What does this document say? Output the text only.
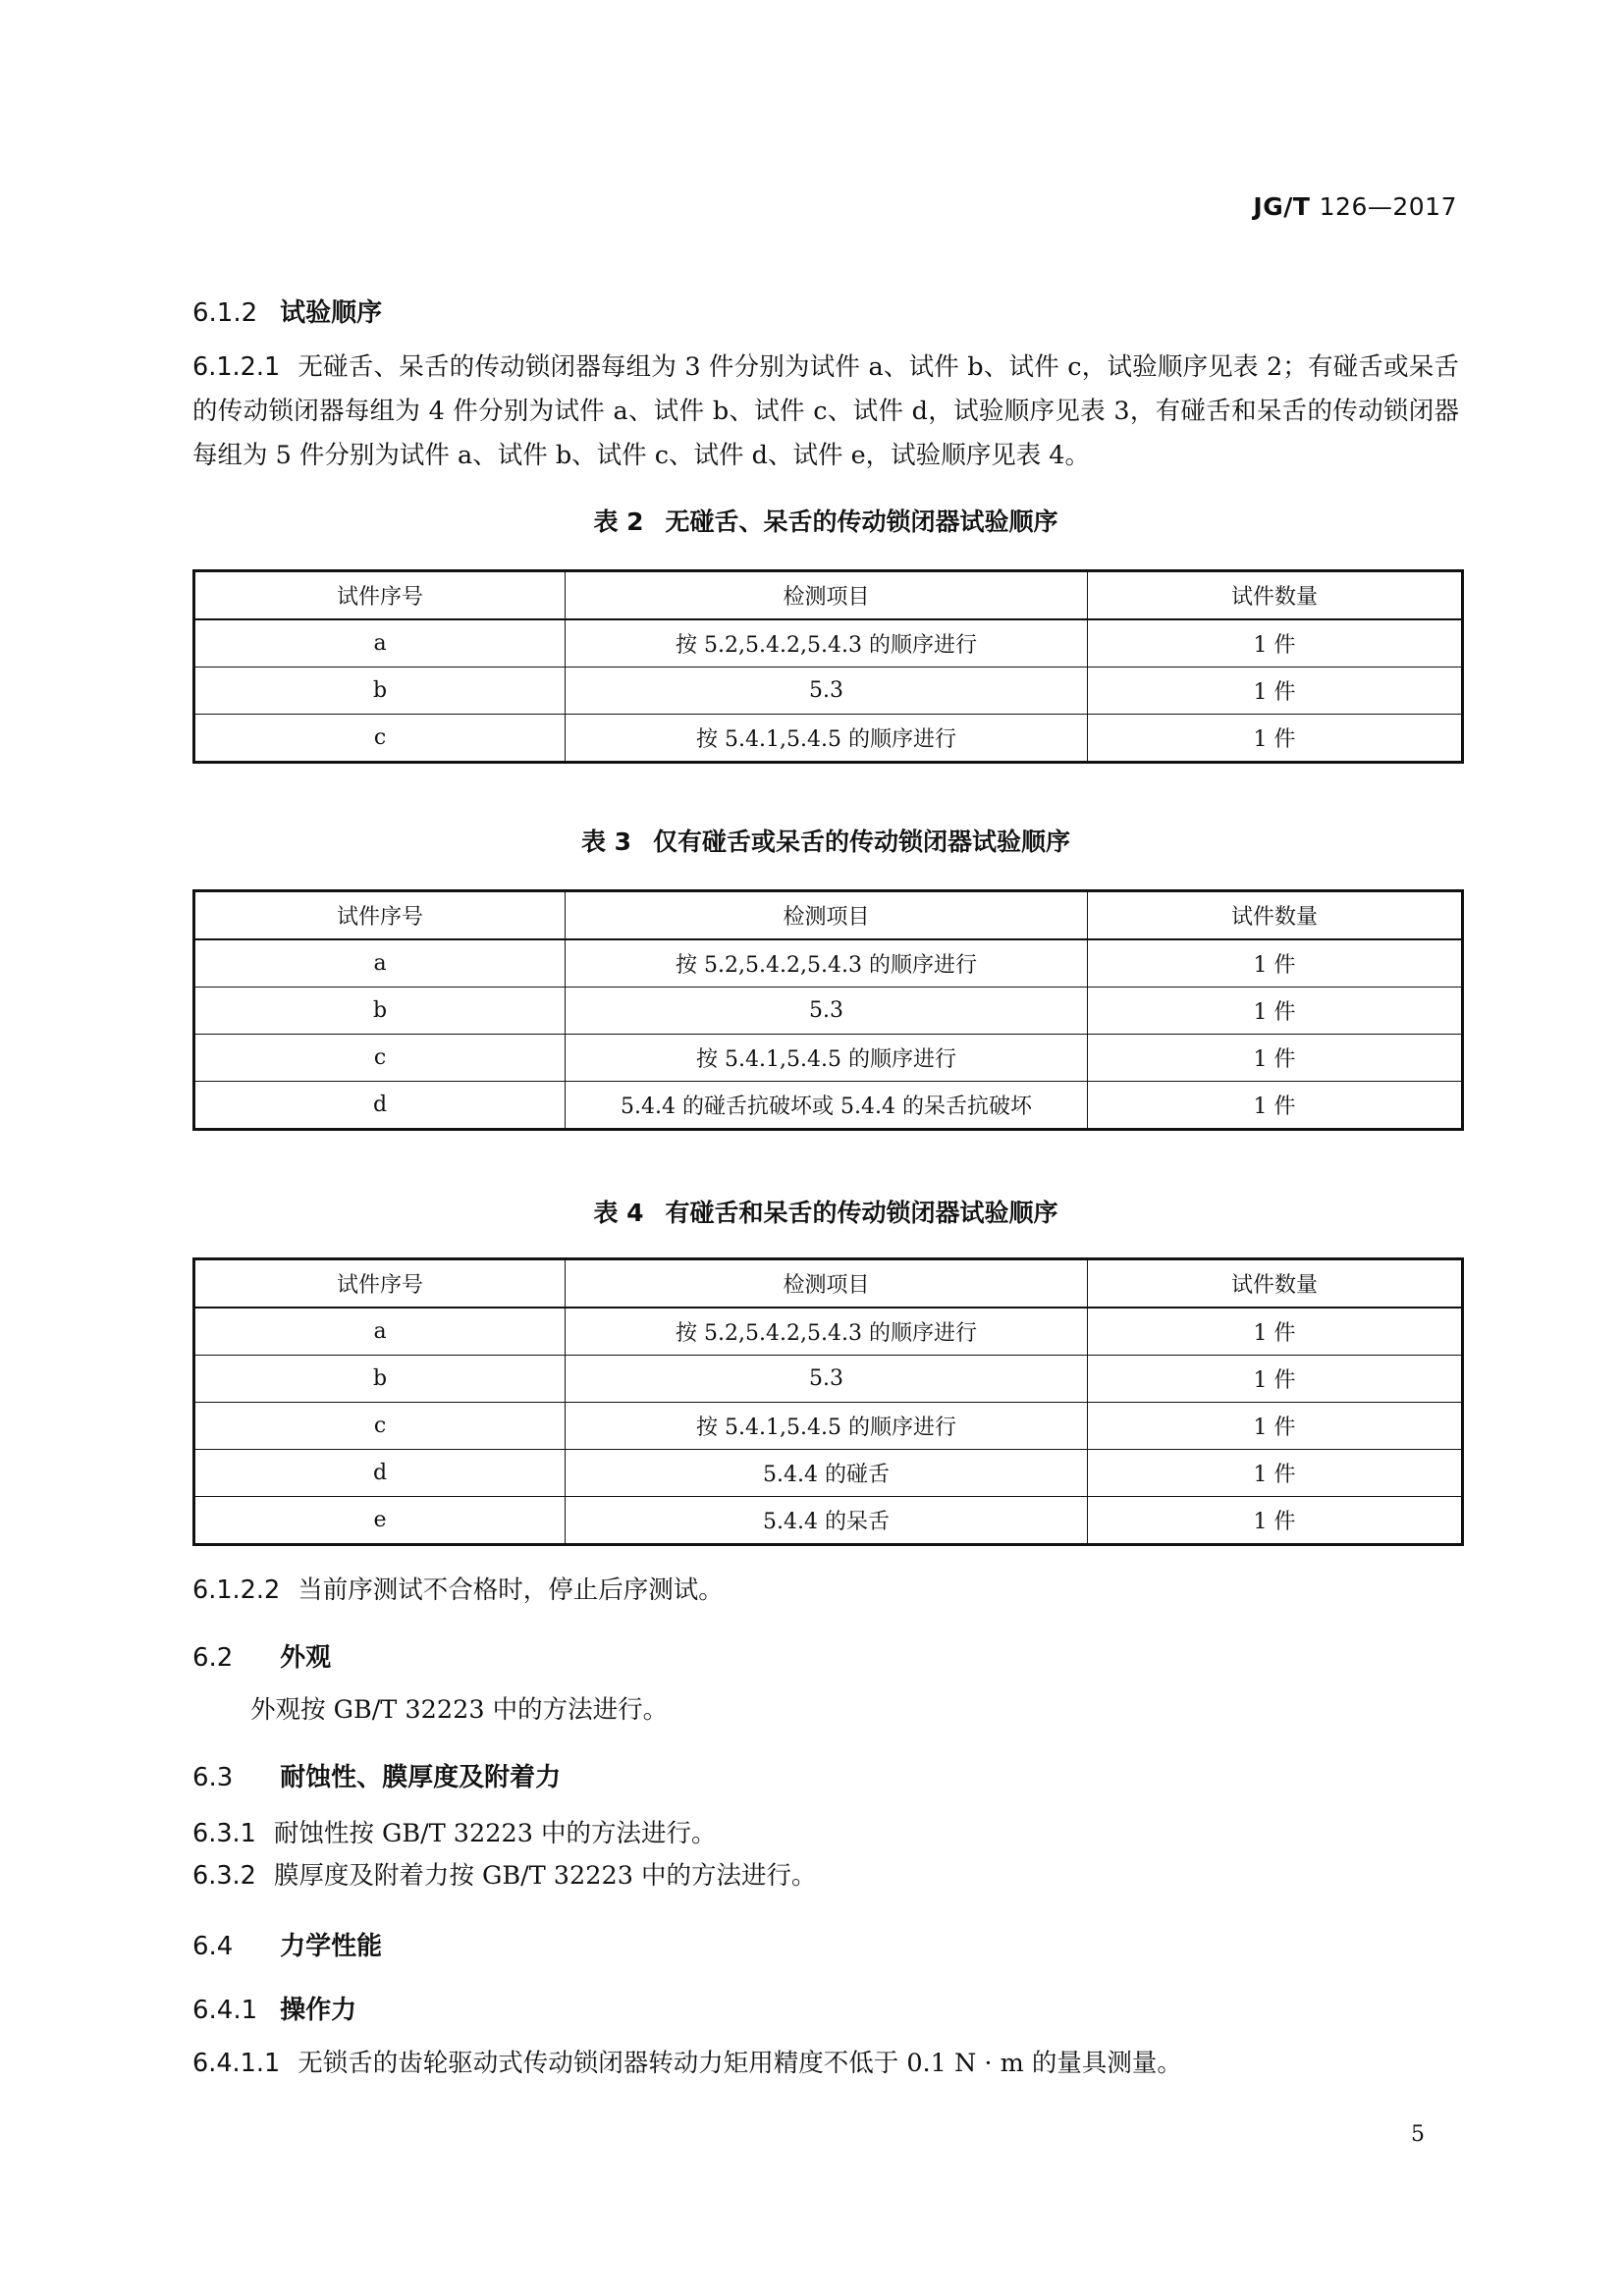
JG/T 126—2017
6.1.2 试验顺序
6.1.2.1 无碰舌、呆舌的传动锁闭器每组为 3 件分别为试件 a、试件 b、试件 c，试验顺序见表 2；有碰舌或呆舌的传动锁闭器每组为 4 件分别为试件 a、试件 b、试件 c、试件 d，试验顺序见表 3，有碰舌和呆舌的传动锁闭器每组为 5 件分别为试件 a、试件 b、试件 c、试件 d、试件 e，试验顺序见表 4。
表 2 无碰舌、呆舌的传动锁闭器试验顺序
试件序号	检测项目	试件数量
a	按 5.2,5.4.2,5.4.3 的顺序进行	1 件
b	5.3	1 件
c	按 5.4.1,5.4.5 的顺序进行	1 件
表 3 仅有碰舌或呆舌的传动锁闭器试验顺序
试件序号	检测项目	试件数量
a	按 5.2,5.4.2,5.4.3 的顺序进行	1 件
b	5.3	1 件
c	按 5.4.1,5.4.5 的顺序进行	1 件
d	5.4.4 的碰舌抗破坏或 5.4.4 的呆舌抗破坏	1 件
表 4 有碰舌和呆舌的传动锁闭器试验顺序
试件序号	检测项目	试件数量
a	按 5.2,5.4.2,5.4.3 的顺序进行	1 件
b	5.3	1 件
c	按 5.4.1,5.4.5 的顺序进行	1 件
d	5.4.4 的碰舌	1 件
e	5.4.4 的呆舌	1 件
6.1.2.2 当前序测试不合格时，停止后序测试。
6.2 外观
外观按 GB/T 32223 中的方法进行。
6.3 耐蚀性、膜厚度及附着力
6.3.1 耐蚀性按 GB/T 32223 中的方法进行。
6.3.2 膜厚度及附着力按 GB/T 32223 中的方法进行。
6.4 力学性能
6.4.1 操作力
6.4.1.1 无锁舌的齿轮驱动式传动锁闭器转动力矩用精度不低于 0.1 N · m 的量具测量。
5
